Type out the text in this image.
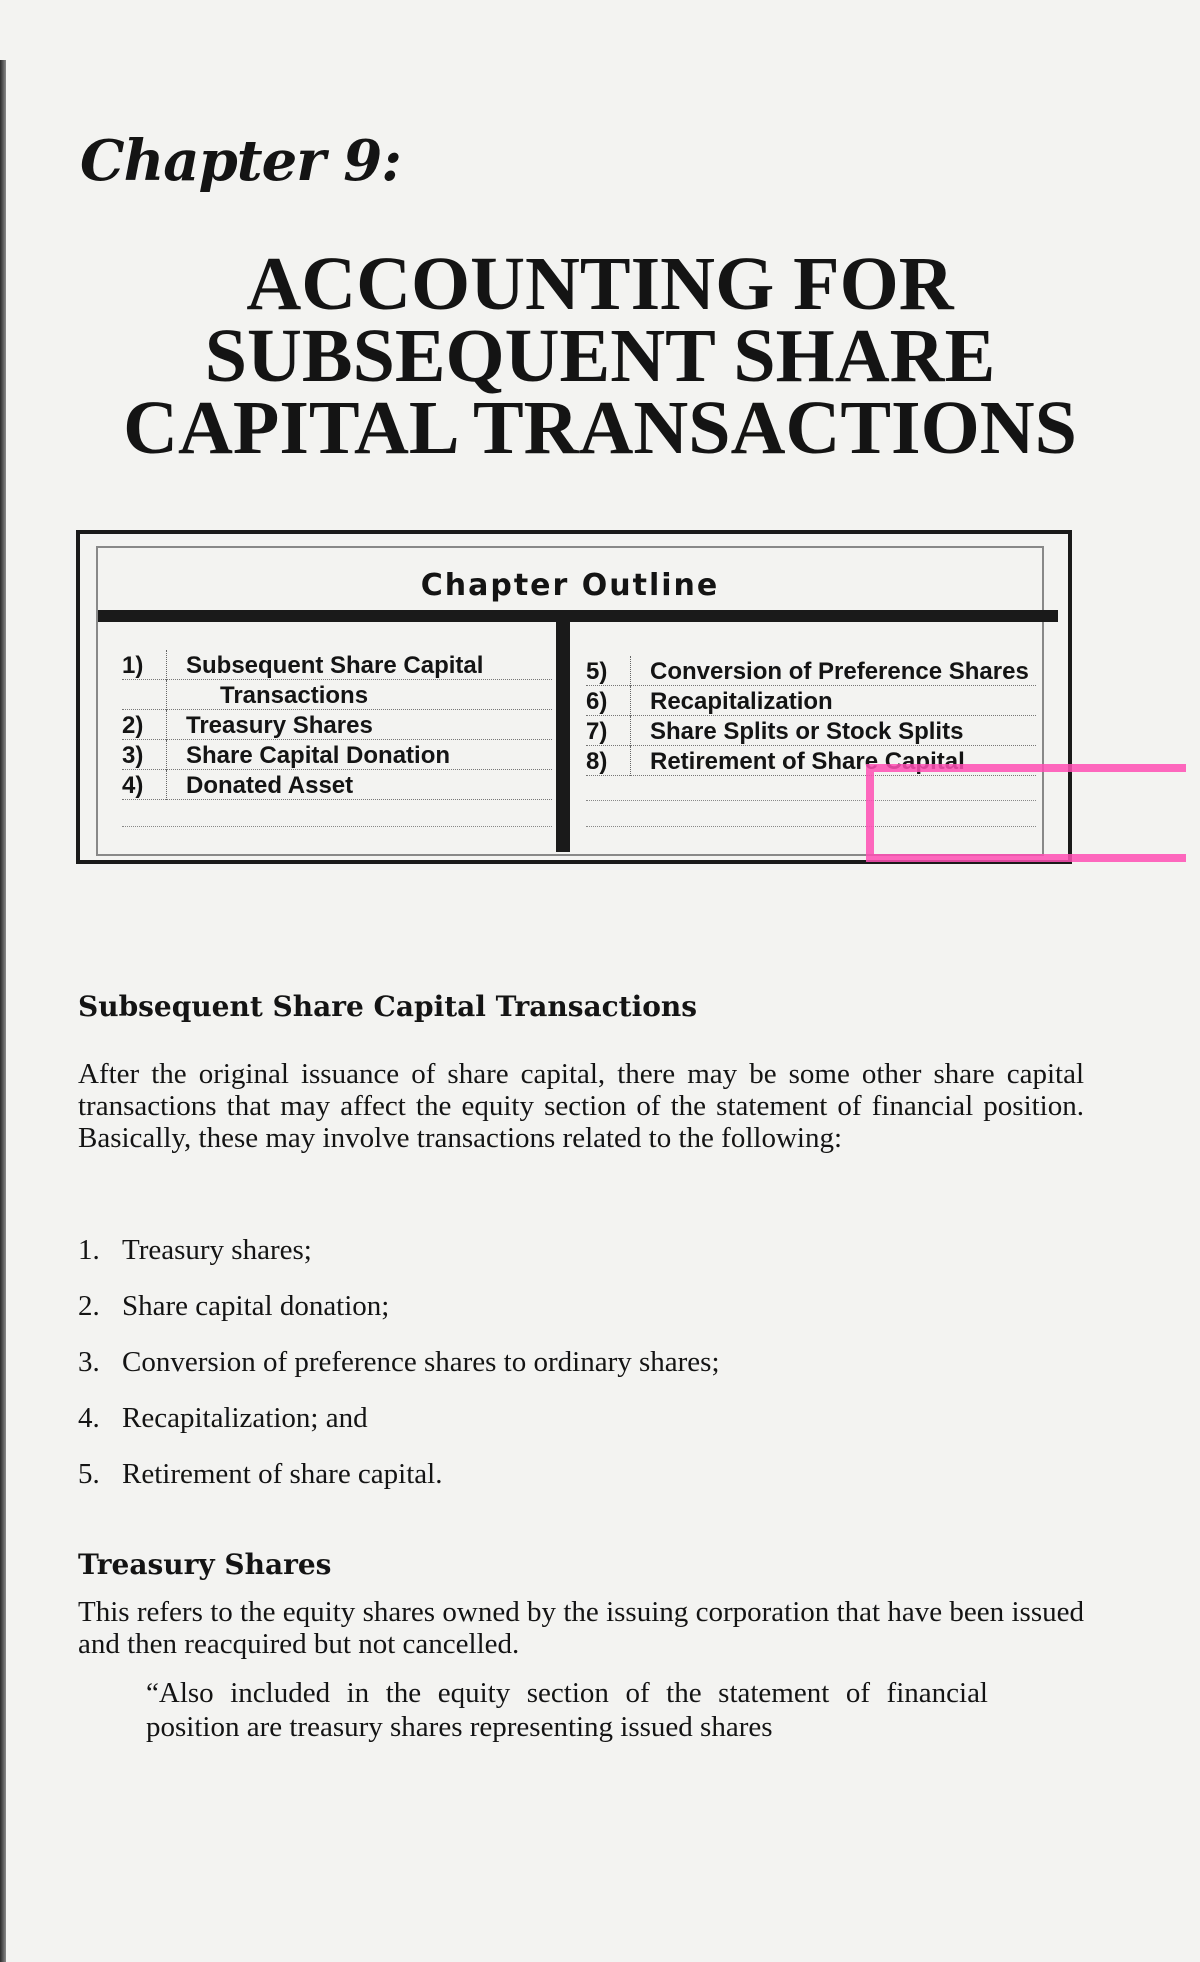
Chapter 9:
ACCOUNTING FOR
SUBSEQUENT SHARE
CAPITAL TRANSACTIONS
Chapter Outline
1)	Subsequent Share Capital
Transactions
2)	Treasury Shares
3)	Share Capital Donation
4)	Donated Asset
5)	Conversion of Preference Shares
6)	Recapitalization
7)	Share Splits or Stock Splits
8)	Retirement of Share Capital
Subsequent Share Capital Transactions
After the original issuance of share capital, there may be some other share capital transactions that may affect the equity section of the statement of financial position. Basically, these may involve transactions related to the following:
1. Treasury shares;
2. Share capital donation;
3. Conversion of preference shares to ordinary shares;
4. Recapitalization; and
5. Retirement of share capital.
Treasury Shares
This refers to the equity shares owned by the issuing corporation that have been issued and then reacquired but not cancelled.
“Also included in the equity section of the statement of financial position are treasury shares representing issued shares
